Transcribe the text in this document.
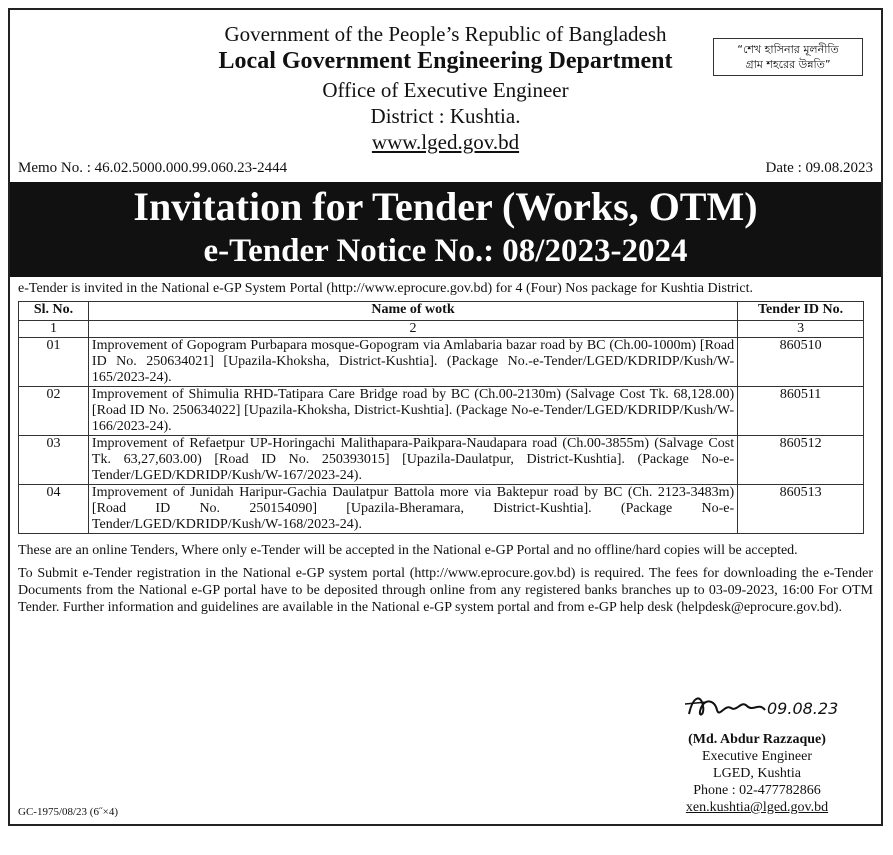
Government of the People’s Republic of Bangladesh
Local Government Engineering Department
Office of Executive Engineer
District : Kushtia.
www.lged.gov.bd
“শেখ হাসিনার মূলনীতি
গ্রাম শহরের উন্নতি”
Memo No. : 46.02.5000.000.99.060.23-2444	Date : 09.08.2023
Invitation for Tender (Works, OTM)
e-Tender Notice No.: 08/2023-2024
e-Tender is invited in the National e-GP System Portal (http://www.eprocure.gov.bd) for 4 (Four) Nos package for Kushtia District.
Sl. No.	Name of wotk	Tender ID No.
1	2	3
01	Improvement of Gopogram Purbapara mosque-Gopogram via Amlabaria bazar road by BC (Ch.00-1000m) [Road ID No. 250634021] [Upazila-Khoksha, District-Kushtia]. (Package No.-e-Tender/LGED/KDRIDP/Kush/W-165/2023-24).	860510
02	Improvement of Shimulia RHD-Tatipara Care Bridge road by BC (Ch.00-2130m) (Salvage Cost Tk. 68,128.00) [Road ID No. 250634022] [Upazila-Khoksha, District-Kushtia]. (Package No-e-Tender/LGED/KDRIDP/Kush/W-166/2023-24).	860511
03	Improvement of Refaetpur UP-Horingachi Malithapara-Paikpara-Naudapara road (Ch.00-3855m) (Salvage Cost Tk. 63,27,603.00) [Road ID No. 250393015] [Upazila-Daulatpur, District-Kushtia]. (Package No-e-Tender/LGED/KDRIDP/Kush/W-167/2023-24).	860512
04	Improvement of Junidah Haripur-Gachia Daulatpur Battola more via Baktepur road by BC (Ch. 2123-3483m) [Road ID No. 250154090] [Upazila-Bheramara, District-Kushtia]. (Package No-e-Tender/LGED/KDRIDP/Kush/W-168/2023-24).	860513
These are an online Tenders, Where only e-Tender will be accepted in the National e-GP Portal and no offline/hard copies will be accepted.
To Submit e-Tender registration in the National e-GP system portal (http://www.eprocure.gov.bd) is required. The fees for downloading the e-Tender Documents from the National e-GP portal have to be deposited through online from any registered banks branches up to 03-09-2023, 16:00 For OTM Tender. Further information and guidelines are available in the National e-GP system portal and from e-GP help desk (helpdesk@eprocure.gov.bd).
09.08.23
(Md. Abdur Razzaque)
Executive Engineer
LGED, Kushtia
Phone : 02-477782866
xen.kushtia@lged.gov.bd
GC-1975/08/23 (6˝×4)
